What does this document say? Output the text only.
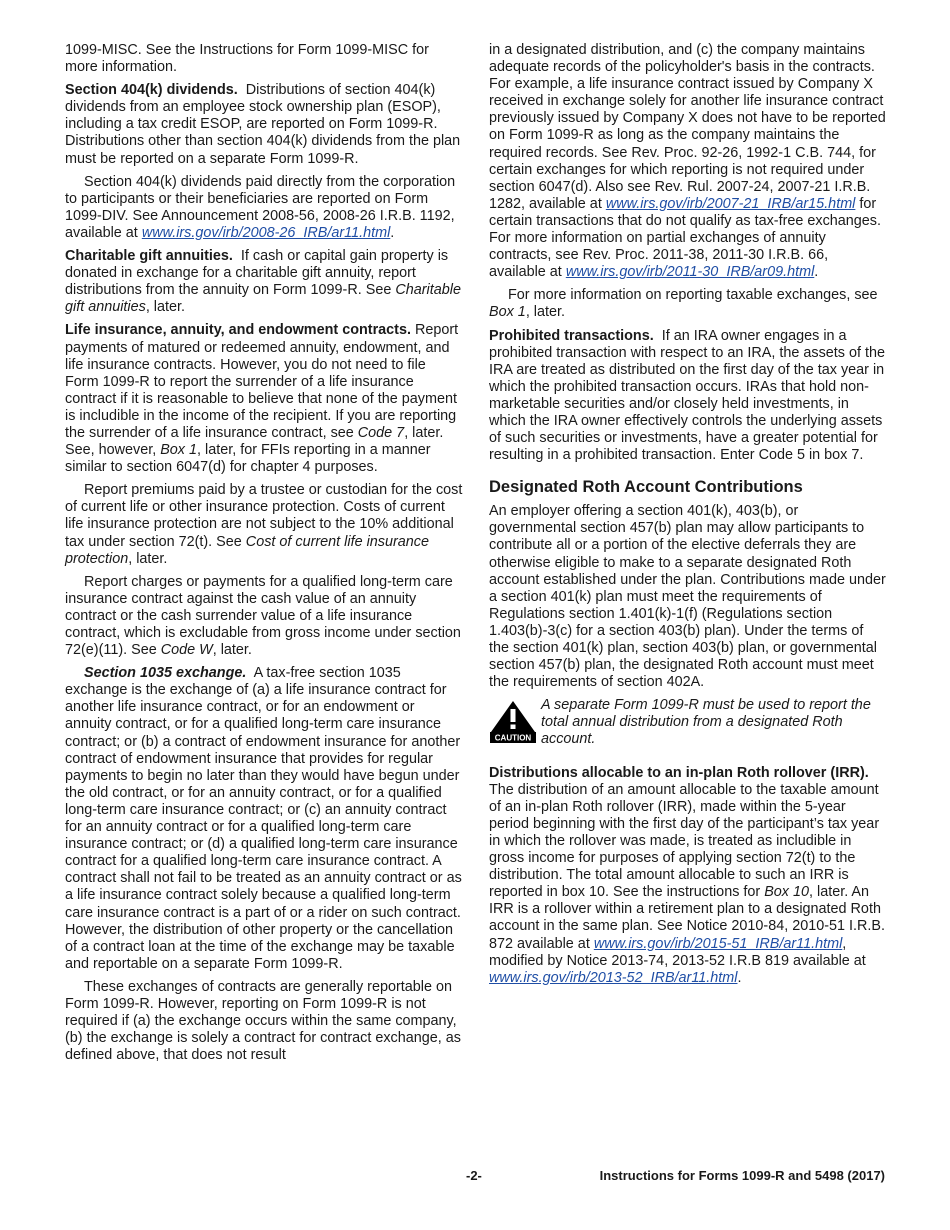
1099-MISC. See the Instructions for Form 1099-MISC for more information.

Section 404(k) dividends. Distributions of section 404(k) dividends from an employee stock ownership plan (ESOP), including a tax credit ESOP, are reported on Form 1099-R. Distributions other than section 404(k) dividends from the plan must be reported on a separate Form 1099-R.

Section 404(k) dividends paid directly from the corporation to participants or their beneficiaries are reported on Form 1099-DIV. See Announcement 2008-56, 2008-26 I.R.B. 1192, available at www.irs.gov/irb/2008-26_IRB/ar11.html.

Charitable gift annuities. If cash or capital gain property is donated in exchange for a charitable gift annuity, report distributions from the annuity on Form 1099-R. See Charitable gift annuities, later.

Life insurance, annuity, and endowment contracts. Report payments of matured or redeemed annuity, endowment, and life insurance contracts. However, you do not need to file Form 1099-R to report the surrender of a life insurance contract if it is reasonable to believe that none of the payment is includible in the income of the recipient. If you are reporting the surrender of a life insurance contract, see Code 7, later. See, however, Box 1, later, for FFIs reporting in a manner similar to section 6047(d) for chapter 4 purposes.

Report premiums paid by a trustee or custodian for the cost of current life or other insurance protection. Costs of current life insurance protection are not subject to the 10% additional tax under section 72(t). See Cost of current life insurance protection, later.

Report charges or payments for a qualified long-term care insurance contract against the cash value of an annuity contract or the cash surrender value of a life insurance contract, which is excludable from gross income under section 72(e)(11). See Code W, later.

Section 1035 exchange. A tax-free section 1035 exchange is the exchange of (a) a life insurance contract for another life insurance contract, or for an endowment or annuity contract, or for a qualified long-term care insurance contract; or (b) a contract of endowment insurance for another contract of endowment insurance that provides for regular payments to begin no later than they would have begun under the old contract, or for an annuity contract, or for a qualified long-term care insurance contract; or (c) an annuity contract for an annuity contract or for a qualified long-term care insurance contract; or (d) a qualified long-term care insurance contract for a qualified long-term care insurance contract. A contract shall not fail to be treated as an annuity contract or as a life insurance contract solely because a qualified long-term care insurance contract is a part of or a rider on such contract. However, the distribution of other property or the cancellation of a contract loan at the time of the exchange may be taxable and reportable on a separate Form 1099-R.

These exchanges of contracts are generally reportable on Form 1099-R. However, reporting on Form 1099-R is not required if (a) the exchange occurs within the same company, (b) the exchange is solely a contract for contract exchange, as defined above, that does not result

in a designated distribution, and (c) the company maintains adequate records of the policyholder's basis in the contracts. For example, a life insurance contract issued by Company X received in exchange solely for another life insurance contract previously issued by Company X does not have to be reported on Form 1099-R as long as the company maintains the required records. See Rev. Proc. 92-26, 1992-1 C.B. 744, for certain exchanges for which reporting is not required under section 6047(d). Also see Rev. Rul. 2007-24, 2007-21 I.R.B. 1282, available at www.irs.gov/irb/2007-21_IRB/ar15.html for certain transactions that do not qualify as tax-free exchanges. For more information on partial exchanges of annuity contracts, see Rev. Proc. 2011-38, 2011-30 I.R.B. 66, available at www.irs.gov/irb/2011-30_IRB/ar09.html.

For more information on reporting taxable exchanges, see Box 1, later.

Prohibited transactions. If an IRA owner engages in a prohibited transaction with respect to an IRA, the assets of the IRA are treated as distributed on the first day of the tax year in which the prohibited transaction occurs. IRAs that hold non-marketable securities and/or closely held investments, in which the IRA owner effectively controls the underlying assets of such securities or investments, have a greater potential for resulting in a prohibited transaction. Enter Code 5 in box 7.

Designated Roth Account Contributions

An employer offering a section 401(k), 403(b), or governmental section 457(b) plan may allow participants to contribute all or a portion of the elective deferrals they are otherwise eligible to make to a separate designated Roth account established under the plan. Contributions made under a section 401(k) plan must meet the requirements of Regulations section 1.401(k)-1(f) (Regulations section 1.403(b)-3(c) for a section 403(b) plan). Under the terms of the section 401(k) plan, section 403(b) plan, or governmental section 457(b) plan, the designated Roth account must meet the requirements of section 402A.

CAUTION
A separate Form 1099-R must be used to report the total annual distribution from a designated Roth account.

Distributions allocable to an in-plan Roth rollover (IRR).  The distribution of an amount allocable to the taxable amount of an in-plan Roth rollover (IRR), made within the 5-year period beginning with the first day of the participant’s tax year in which the rollover was made, is treated as includible in gross income for purposes of applying section 72(t) to the distribution. The total amount allocable to such an IRR is reported in box 10. See the instructions for Box 10, later. An IRR is a rollover within a retirement plan to a designated Roth account in the same plan. See Notice 2010-84, 2010-51 I.R.B. 872 available at www.irs.gov/irb/2015-51_IRB/ar11.html, modified by Notice 2013-74, 2013-52 I.R.B 819 available at www.irs.gov/irb/2013-52_IRB/ar11.html.

-2-	Instructions for Forms 1099-R and 5498 (2017)
